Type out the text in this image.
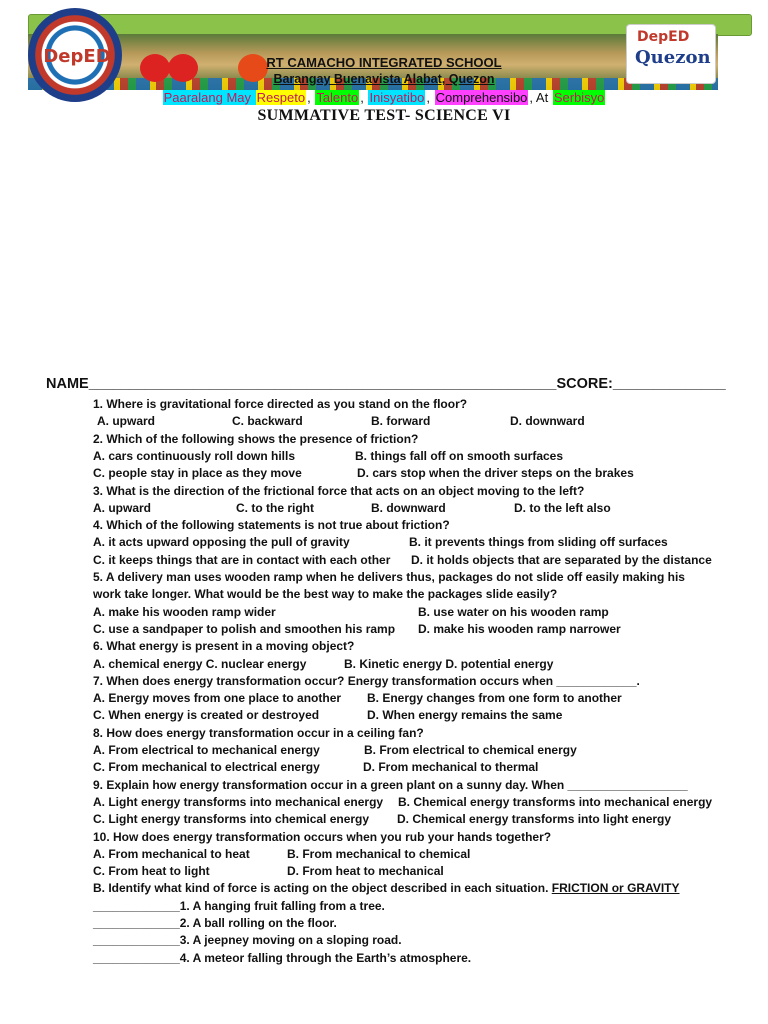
DepED
DepED
Quezon
RT CAMACHO INTEGRATED SCHOOL
Barangay Buenavista Alabat, Quezon
Paaralang May Respeto , Talento , Inisyatibo , Comprehensibo , At Serbisyo
SUMMATIVE TEST- SCIENCE VI
NAME__________________________________________________________SCORE:______________
1. Where is gravitational force directed as you stand on the floor?
A. upward	C. backward	B. forward	D. downward
2. Which of the following shows the presence of friction?
A. cars continuously roll down hills	B. things fall off on smooth surfaces
C. people stay in place as they move	D. cars stop when the driver steps on the brakes
3. What is the direction of the frictional force that acts on an object moving to the left?
A. upward	C. to the right	B. downward	D. to the left also
4. Which of the following statements is not true about friction?
A. it acts upward opposing the pull of gravity	B. it prevents things from sliding off surfaces
C. it keeps things that are in contact with each other D. it holds objects that are separated by the distance
5. A delivery man uses wooden ramp when he delivers thus, packages do not slide off easily making his
work take longer. What would be the best way to make the packages slide easily?
A. make his wooden ramp wider	B. use water on his wooden ramp
C. use a sandpaper to polish and smoothen his ramp D. make his wooden ramp narrower
6. What energy is present in a moving object?
A. chemical energy C. nuclear energy	B. Kinetic energy D. potential energy
7. When does energy transformation occur? Energy transformation occurs when ____________.
A. Energy moves from one place to another B. Energy changes from one form to another
C. When energy is created or destroyed	D. When energy remains the same
8. How does energy transformation occur in a ceiling fan?
A. From electrical to mechanical energy	B. From electrical to chemical energy
C. From mechanical to electrical energy	D. From mechanical to thermal
9. Explain how energy transformation occur in a green plant on a sunny day. When __________________
A. Light energy transforms into mechanical energy B. Chemical energy transforms into mechanical energy
C. Light energy transforms into chemical energy D. Chemical energy transforms into light energy
10. How does energy transformation occurs when you rub your hands together?
A. From mechanical to heat	B. From mechanical to chemical
C. From heat to light	D. From heat to mechanical
B. Identify what kind of force is acting on the object described in each situation. FRICTION or GRAVITY
_____________1. A hanging fruit falling from a tree.
_____________2. A ball rolling on the floor.
_____________3. A jeepney moving on a sloping road.
_____________4. A meteor falling through the Earth’s atmosphere.
